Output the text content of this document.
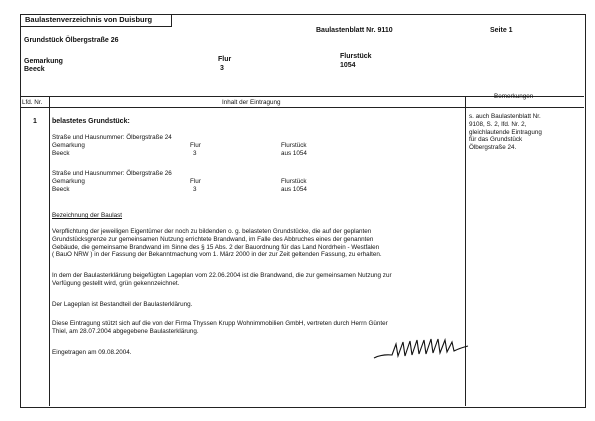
Baulastenverzeichnis von Duisburg
Baulastenblatt Nr. 9110	Seite 1
Grundstück Ölbergstraße 26
Gemarkung
Beeck
Flur
3
Flurstück
1054
Lfd. Nr.	Inhalt der Eintragung
Bemerkungen
1 belastetes Grundstück:
Straße und Hausnummer: Ölbergstraße 24
Gemarkung
Beeck
Flur
3
Flurstück
aus 1054
Straße und Hausnummer: Ölbergstraße 26
Gemarkung
Beeck
Flur
3
Flurstück
aus 1054
Bezeichnung der Baulast
Verpflichtung der jeweiligen Eigentümer der noch zu bildenden o. g. belasteten Grundstücke, die auf der geplanten
Grundstücksgrenze zur gemeinsamen Nutzung errichtete Brandwand, im Falle des Abbruches eines der genannten
Gebäude, die gemeinsame Brandwand im Sinne des § 15 Abs. 2 der Bauordnung für das Land Nordrhein - Westfalen
( BauO NRW ) in der Fassung der Bekanntmachung vom 1. März 2000 in der zur Zeit geltenden Fassung, zu erhalten.
In dem der Baulasterklärung beigefügten Lageplan vom 22.06.2004 ist die Brandwand, die zur gemeinsamen Nutzung zur
Verfügung gestellt wird, grün gekennzeichnet.
Der Lageplan ist Bestandteil der Baulasterklärung.
Diese Eintragung stützt sich auf die von der Firma Thyssen Krupp Wohnimmobilien GmbH, vertreten durch Herrn Günter
Thiel, am 28.07.2004 abgegebene Baulasterklärung.
Eingetragen am 09.08.2004.
s. auch Baulastenblatt Nr.
9108, S. 2, lfd. Nr. 2,
gleichlautende Eintragung
für das Grundstück
Ölbergstraße 24.
